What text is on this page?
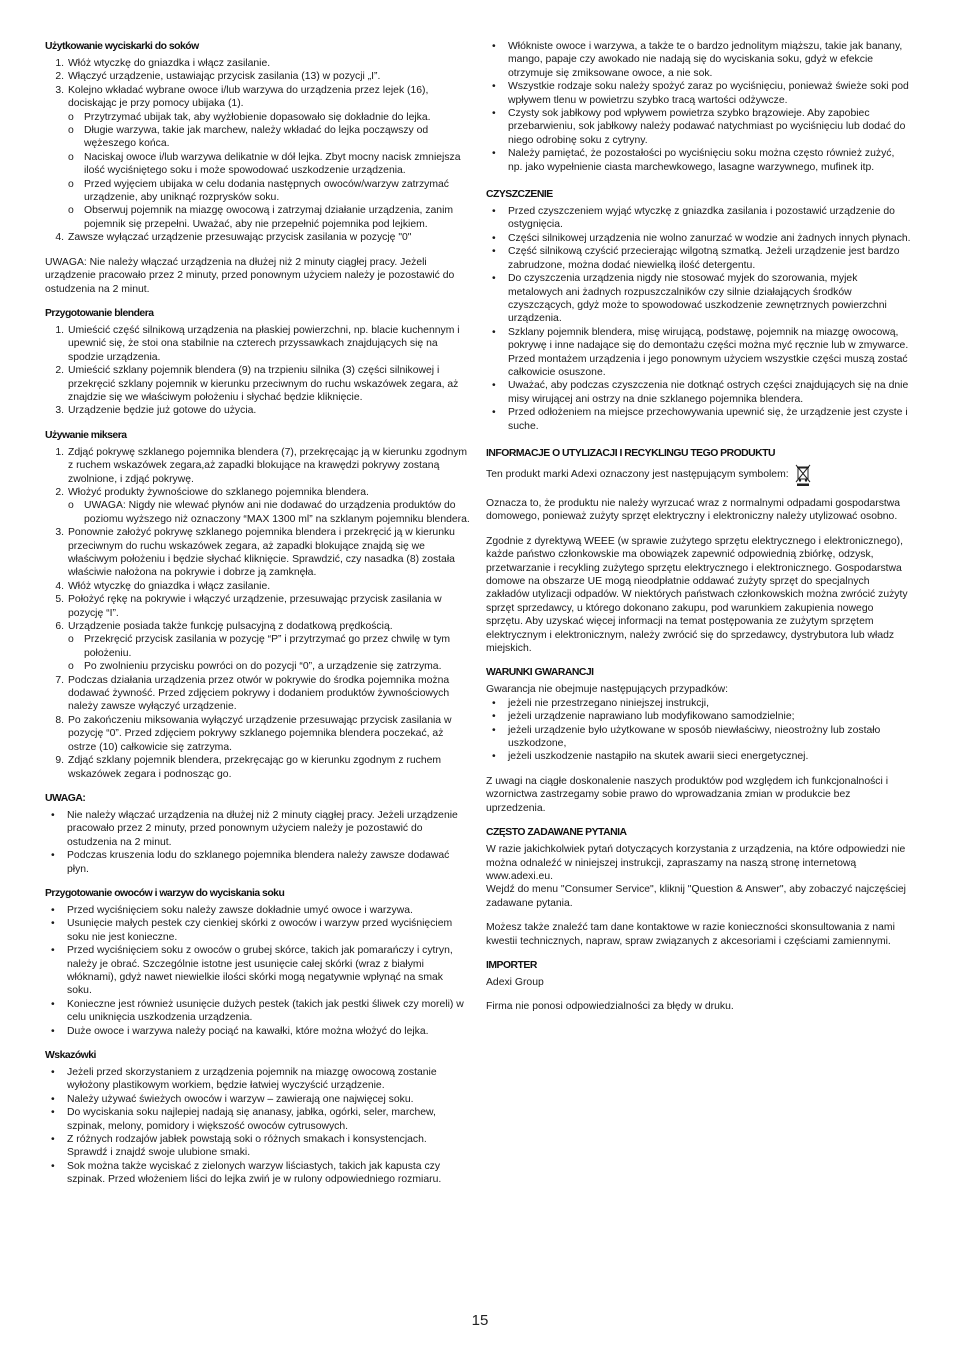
Użytkowanie wyciskarki do soków
1. Włóż wtyczkę do gniazdka i włącz zasilanie.
2. Włączyć urządzenie, ustawiając przycisk zasilania (13) w pozycji „I”.
3. Kolejno wkładać wybrane owoce i/lub warzywa do urządzenia przez lejek (16), dociskając je przy pomocy ubijaka (1).
o Przytrzymać ubijak tak, aby wyżłobienie dopasowało się dokładnie do lejka.
o Długie warzywa, takie jak marchew, należy wkładać do lejka począwszy od wężeszego końca.
o Naciskaj owoce i/lub warzywa delikatnie w dół lejka. Zbyt mocny nacisk zmniejsza ilość wyciśniętego soku i może spowodować uszkodzenie urządzenia.
o Przed wyjęciem ubijaka w celu dodania następnych owoców/warzyw zatrzymać urządzenie, aby uniknąć rozprysków soku.
o Obserwuj pojemnik na miazgę owocową i zatrzymaj działanie urządzenia, zanim pojemnik się przepełni. Uważać, aby nie przepełnić pojemnika pod lejkiem.
4. Zawsze wyłączać urządzenie przesuwając przycisk zasilania w pozycję "0"

UWAGA: Nie należy włączać urządzenia na dłużej niż 2 minuty ciągłej pracy. Jeżeli urządzenie pracowało przez 2 minuty, przed ponownym użyciem należy je pozostawić do ostudzenia na 2 minut.

Przygotowanie blendera
1. Umieścić część silnikową urządzenia na płaskiej powierzchni, np. blacie kuchennym i upewnić się, że stoi ona stabilnie na czterech przyssawkach znajdujących się na spodzie urządzenia.
2. Umieścić szklany pojemnik blendera (9) na trzpieniu silnika (3) części silnikowej i przekręcić szklany pojemnik w kierunku przeciwnym do ruchu wskazówek zegara, aż znajdzie się we właściwym położeniu i słychać będzie kliknięcie.
3. Urządzenie będzie już gotowe do użycia.
Używanie miksera
1. Zdjąć pokrywę szklanego pojemnika blendera (7), przekręcając ją w kierunku zgodnym z ruchem wskazówek zegara,aż zapadki blokujące na krawędzi pokrywy zostaną zwolnione, i zdjąć pokrywę.
2. Włożyć produkty żywnościowe do szklanego pojemnika blendera.
o UWAGA: Nigdy nie wlewać płynów ani nie dodawać do urządzenia produktów do poziomu wyższego niż oznaczony “MAX 1300 ml” na szklanym pojemniku blendera.
3. Ponownie założyć pokrywę szklanego pojemnika blendera i przekręcić ją w kierunku przeciwnym do ruchu wskazówek zegara, aż zapadki blokujące znajdą się we właściwym położeniu i będzie słychać kliknięcie. Sprawdzić, czy nasadka (8) została właściwie nałożona na pokrywie i dobrze ją zamknęła.
4. Włóż wtyczkę do gniazdka i włącz zasilanie.
5. Położyć rękę na pokrywie i włączyć urządzenie, przesuwając przycisk zasilania w pozycję “I”.
6. Urządzenie posiada także funkcję pulsacyjną z dodatkową prędkością.
o Przekręcić przycisk zasilania w pozycję “P” i przytrzymać go przez chwilę w tym położeniu.
o Po zwolnieniu przycisku powróci on do pozycji “0”, a urządzenie się zatrzyma.
7. Podczas działania urządzenia przez otwór w pokrywie do środka pojemnika można dodawać żywność. Przed zdjęciem pokrywy i dodaniem produktów żywnościowych należy zawsze wyłączyć urządzenie.
8. Po zakończeniu miksowania wyłączyć urządzenie przesuwając przycisk zasilania w pozycję “0”. Przed zdjęciem pokrywy szklanego pojemnika blendera poczekać, aż ostrze (10) całkowicie się zatrzyma.
9. Zdjąć szklany pojemnik blendera, przekręcając go w kierunku zgodnym z ruchem wskazówek zegara i podnosząc go.
UWAGA:
•	Nie należy włączać urządzenia na dłużej niż 2 minuty ciągłej pracy. Jeżeli urządzenie pracowało przez 2 minuty, przed ponownym użyciem należy je pozostawić do ostudzenia na 2 minut.
•	Podczas kruszenia lodu do szklanego pojemnika blendera należy zawsze dodawać płyn.
Przygotowanie owoców i warzyw do wyciskania soku
•	Przed wyciśnięciem soku należy zawsze dokładnie umyć owoce i warzywa.
•	Usunięcie małych pestek czy cienkiej skórki z owoców i warzyw przed wyciśnięciem soku nie jest konieczne.
•	Przed wyciśnięciem soku z owoców o grubej skórce, takich jak pomarańczy i cytryn, należy je obrać. Szczególnie istotne jest usunięcie całej skórki (wraz z białymi włóknami), gdyż nawet niewielkie ilości skórki mogą negatywnie wpłynąć na smak soku.
•	Konieczne jest również usunięcie dużych pestek (takich jak pestki śliwek czy moreli) w celu uniknięcia uszkodzenia urządzenia.
•	Duże owoce i warzywa należy pociąć na kawałki, które można włożyć do lejka.
Wskazówki
•	Jeżeli przed skorzystaniem z urządzenia pojemnik na miazgę owocową zostanie wyłożony plastikowym workiem, będzie łatwiej wyczyścić urządzenie.
•	Należy używać świeżych owoców i warzyw – zawierają one najwięcej soku.
•	Do wyciskania soku najlepiej nadają się ananasy, jabłka, ogórki, seler, marchew, szpinak, melony, pomidory i większość owoców cytrusowych.
•	Z różnych rodzajów jabłek powstają soki o różnych smakach i konsystencjach. Sprawdź i znajdź swoje ulubione smaki.
•	Sok można także wyciskać z zielonych warzyw liściastych, takich jak kapusta czy szpinak. Przed włożeniem liści do lejka zwiń je w rulony odpowiedniego rozmiaru.
•	Włókniste owoce i warzywa, a także te o bardzo jednolitym miąższu, takie jak banany, mango, papaje czy awokado nie nadają się do wyciskania soku, gdyż w efekcie otrzymuje się zmiksowane owoce, a nie sok.
•	Wszystkie rodzaje soku należy spożyć zaraz po wyciśnięciu, ponieważ świeże soki pod wpływem tlenu w powietrzu szybko tracą wartości odżywcze.
•	Czysty sok jabłkowy pod wpływem powietrza szybko brązowieje. Aby zapobiec przebarwieniu, sok jabłkowy należy podawać natychmiast po wyciśnięciu lub dodać do niego odrobinę soku z cytryny.
•	Należy pamiętać, że pozostałości po wyciśnięciu soku można często również zużyć, np. jako wypełnienie ciasta marchewkowego, lasagne warzywnego, mufinek itp.
CZYSZCZENIE
•	Przed czyszczeniem wyjąć wtyczkę z gniazdka zasilania i pozostawić urządzenie do ostygnięcia.
•	Części silnikowej urządzenia nie wolno zanurzać w wodzie ani żadnych innych płynach.
•	Część silnikową czyścić przecierając wilgotną szmatką. Jeżeli urządzenie jest bardzo zabrudzone, można dodać niewielką ilość detergentu.
•	Do czyszczenia urządzenia nigdy nie stosować myjek do szorowania, myjek metalowych ani żadnych rozpuszczalników czy silnie działających środków czyszczących, gdyż może to spowodować uszkodzenie zewnętrznych powierzchni urządzenia.
•	Szklany pojemnik blendera, misę wirującą, podstawę, pojemnik na miazgę owocową, pokrywę i inne nadające się do demontażu części można myć ręcznie lub w zmywarce. Przed montażem urządzenia i jego ponownym użyciem wszystkie części muszą zostać całkowicie osuszone.
•	Uważać, aby podczas czyszczenia nie dotknąć ostrych części znajdujących się na dnie misy wirującej ani ostrzy na dnie szklanego pojemnika blendera.
•	Przed odłożeniem na miejsce przechowywania upewnić się, że urządzenie jest czyste i suche.
INFORMACJE O UTYLIZACJI I RECYKLINGU TEGO PRODUKTU
Ten produkt marki Adexi oznaczony jest następującym symbolem:

Oznacza to, że produktu nie należy wyrzucać wraz z normalnymi odpadami gospodarstwa domowego, ponieważ zużyty sprzęt elektryczny i elektroniczny należy utylizować osobno.

Zgodnie z dyrektywą WEEE (w sprawie zużytego sprzętu elektrycznego i elektronicznego), każde państwo członkowskie ma obowiązek zapewnić odpowiednią zbiórkę, odzysk, przetwarzanie i recykling zużytego sprzętu elektrycznego i elektronicznego. Gospodarstwa domowe na obszarze UE mogą nieodpłatnie oddawać zużyty sprzęt do specjalnych zakładów utylizacji odpadów. W niektórych państwach członkowskich można zwrócić zużyty sprzęt sprzedawcy, u którego dokonano zakupu, pod warunkiem zakupienia nowego sprzętu. Aby uzyskać więcej informacji na temat postępowania ze zużytym sprzętem elektrycznym i elektronicznym, należy zwrócić się do sprzedawcy, dystrybutora lub władz miejskich.

WARUNKI GWARANCJI
Gwarancja nie obejmuje następujących przypadków:
•	jeżeli nie przestrzegano niniejszej instrukcji,
•	jeżeli urządzenie naprawiano lub modyfikowano samodzielnie;
•	jeżeli urządzenie było użytkowane w sposób niewłaściwy, nieostrożny lub zostało uszkodzone,
•	jeżeli uszkodzenie nastąpiło na skutek awarii sieci energetycznej.

Z uwagi na ciągłe doskonalenie naszych produktów pod względem ich funkcjonalności i wzornictwa zastrzegamy sobie prawo do wprowadzania zmian w produkcie bez uprzedzenia.

CZĘSTO ZADAWANE PYTANIA

W razie jakichkolwiek pytań dotyczących korzystania z urządzenia, na które odpowiedzi nie można odnaleźć w niniejszej instrukcji, zapraszamy na naszą stronę internetową www.adexi.eu.
Wejdź do menu "Consumer Service", kliknij "Question & Answer", aby zobaczyć najczęściej zadawane pytania.

Możesz także znaleźć tam dane kontaktowe w razie konieczności skonsultowania z nami kwestii technicznych, napraw, spraw związanych z akcesoriami i częściami zamiennymi.

IMPORTER

Adexi Group

Firma nie ponosi odpowiedzialności za błędy w druku.

15
